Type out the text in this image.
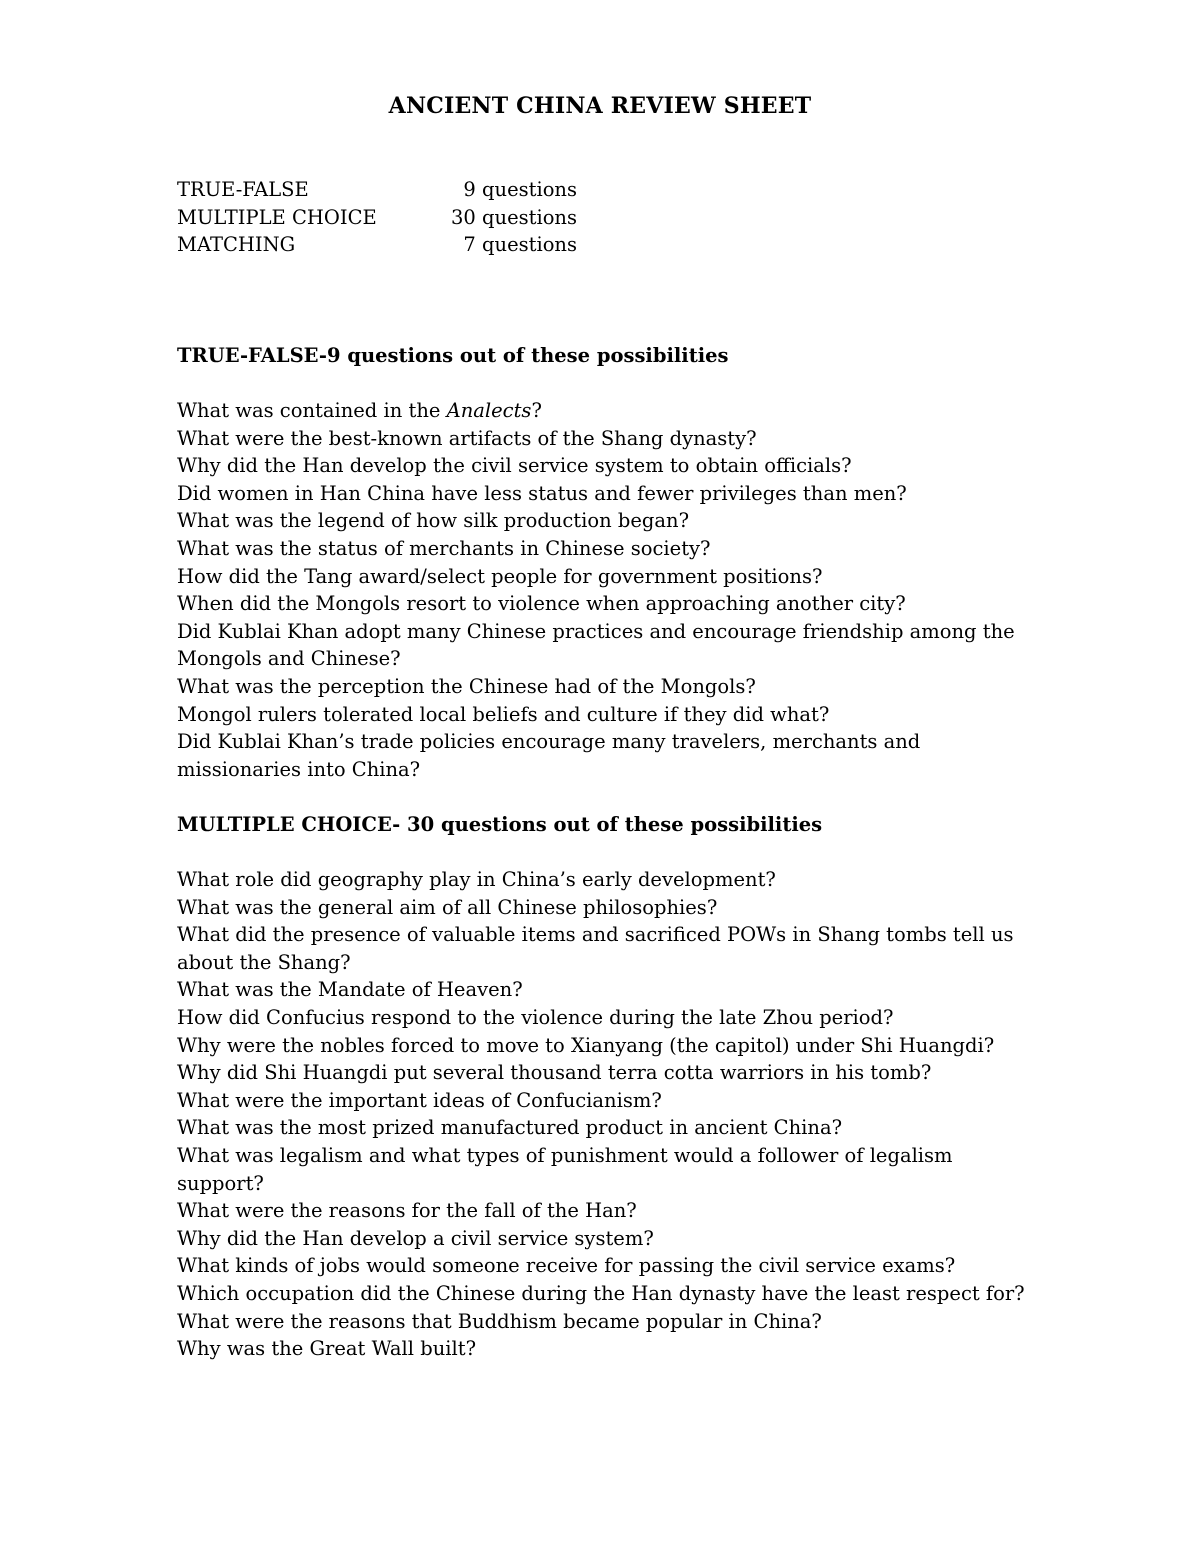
ANCIENT CHINA REVIEW SHEET
TRUE-FALSE	9 questions
MULTIPLE CHOICE	30 questions
MATCHING	7 questions
TRUE-FALSE-9 questions out of these possibilities
What was contained in the Analects?
What were the best-known artifacts of the Shang dynasty?
Why did the Han develop the civil service system to obtain officials?
Did women in Han China have less status and fewer privileges than men?
What was the legend of how silk production began?
What was the status of merchants in Chinese society?
How did the Tang award/select people for government positions?
When did the Mongols resort to violence when approaching another city?
Did Kublai Khan adopt many Chinese practices and encourage friendship among the Mongols and Chinese?
What was the perception the Chinese had of the Mongols?
Mongol rulers tolerated local beliefs and culture if they did what?
Did Kublai Khan’s trade policies encourage many travelers, merchants and missionaries into China?
MULTIPLE CHOICE- 30 questions out of these possibilities
What role did geography play in China’s early development?
What was the general aim of all Chinese philosophies?
What did the presence of valuable items and sacrificed POWs in Shang tombs tell us about the Shang?
What was the Mandate of Heaven?
How did Confucius respond to the violence during the late Zhou period?
Why were the nobles forced to move to Xianyang (the capitol) under Shi Huangdi?
Why did Shi Huangdi put several thousand terra cotta warriors in his tomb?
What were the important ideas of Confucianism?
What was the most prized manufactured product in ancient China?
What was legalism and what types of punishment would a follower of legalism support?
What were the reasons for the fall of the Han?
Why did the Han develop a civil service system?
What kinds of jobs would someone receive for passing the civil service exams?
Which occupation did the Chinese during the Han dynasty have the least respect for?
What were the reasons that Buddhism became popular in China?
Why was the Great Wall built?
